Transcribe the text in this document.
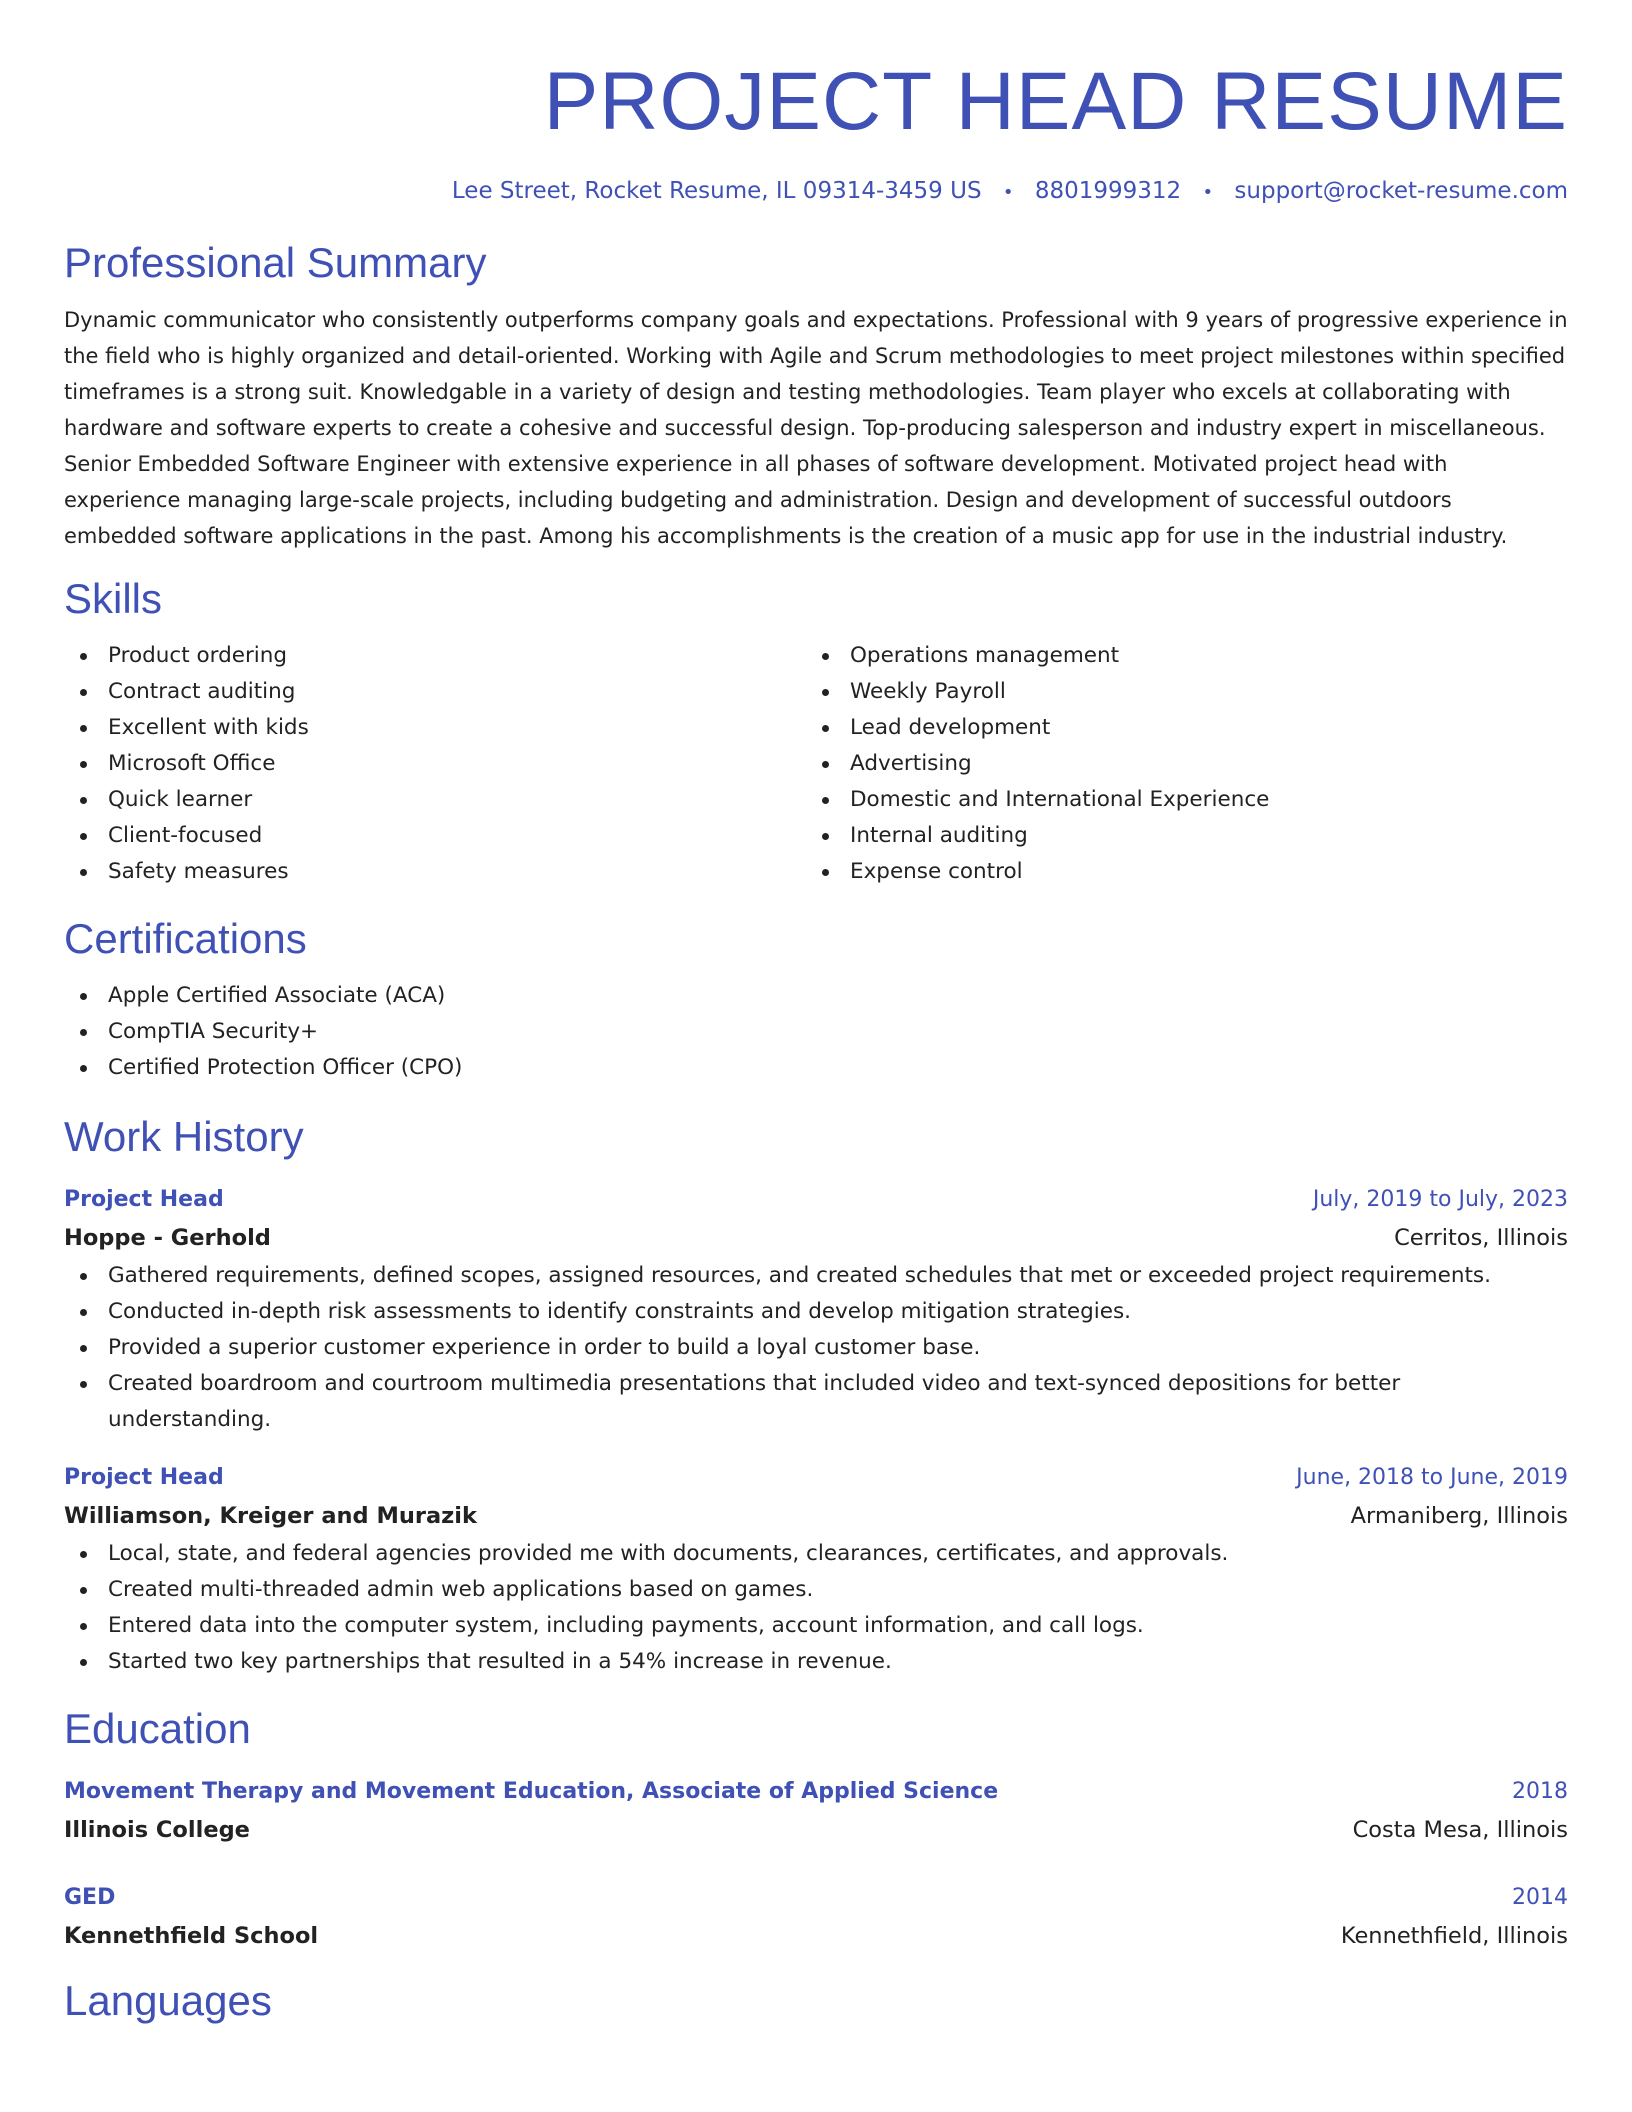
PROJECT HEAD RESUME
Lee Street, Rocket Resume, IL 09314-3459 US • 8801999312 • support@rocket-resume.com
Professional Summary

Dynamic communicator who consistently outperforms company goals and expectations. Professional with 9 years of progressive experience in the field who is highly organized and detail-oriented. Working with Agile and Scrum methodologies to meet project milestones within specified timeframes is a strong suit. Knowledgable in a variety of design and testing methodologies. Team player who excels at collaborating with hardware and software experts to create a cohesive and successful design. Top-producing salesperson and industry expert in miscellaneous. Senior Embedded Software Engineer with extensive experience in all phases of software development. Motivated project head with experience managing large-scale projects, including budgeting and administration. Design and development of successful outdoors embedded software applications in the past. Among his accomplishments is the creation of a music app for use in the industrial industry.

Skills
Product ordering
Contract auditing
Excellent with kids
Microsoft Office
Quick learner
Client-focused
Safety measures
Operations management
Weekly Payroll
Lead development
Advertising
Domestic and International Experience
Internal auditing
Expense control
Certifications
Apple Certified Associate (ACA)
CompTIA Security+
Certified Protection Officer (CPO)
Work History
Project Head	July, 2019 to July, 2023
Hoppe - Gerhold	Cerritos, Illinois
Gathered requirements, defined scopes, assigned resources, and created schedules that met or exceeded project requirements.
Conducted in-depth risk assessments to identify constraints and develop mitigation strategies.
Provided a superior customer experience in order to build a loyal customer base.
Created boardroom and courtroom multimedia presentations that included video and text-synced depositions for better understanding.
Project Head	June, 2018 to June, 2019
Williamson, Kreiger and Murazik	Armaniberg, Illinois
Local, state, and federal agencies provided me with documents, clearances, certificates, and approvals.
Created multi-threaded admin web applications based on games.
Entered data into the computer system, including payments, account information, and call logs.
Started two key partnerships that resulted in a 54% increase in revenue.
Education
Movement Therapy and Movement Education, Associate of Applied Science	2018
Illinois College	Costa Mesa, Illinois
GED	2014
Kennethfield School	Kennethfield, Illinois
Languages
